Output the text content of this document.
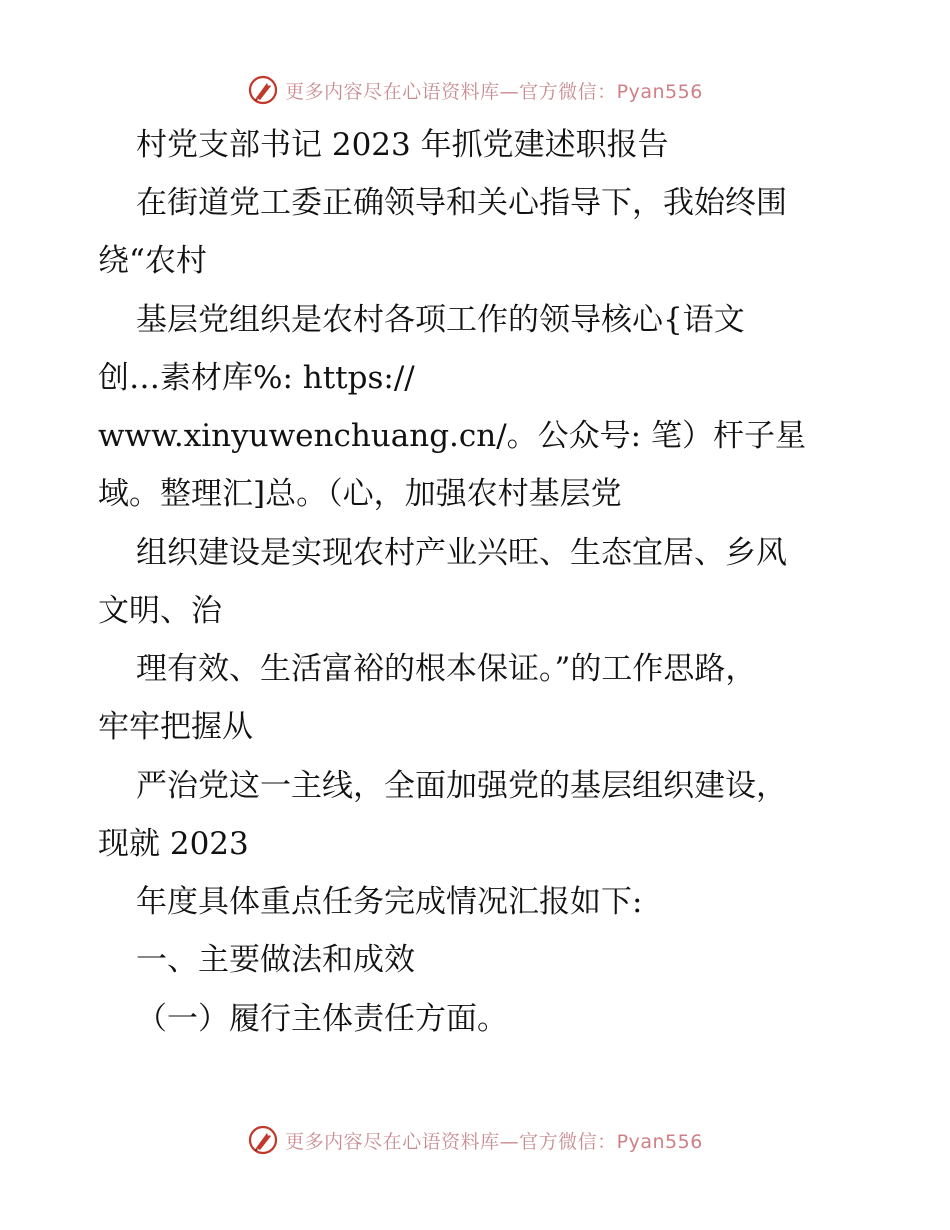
更多内容尽在心语资料库—官方微信：Pyan556

村党支部书记 2023 年抓党建述职报告

在街道党工委正确领导和关心指导下，我始终围

绕“农村

基层党组织是农村各项工作的领导核心{语文

创…素材库%: https://

www.xinyuwenchuang.cn/。公众号: 笔）杆子星

域。整理汇]总。（心，加强农村基层党

组织建设是实现农村产业兴旺、生态宜居、乡风

文明、治

理有效、生活富裕的根本保证。”的工作思路，

牢牢把握从

严治党这一主线，全面加强党的基层组织建设，

现就 2023

年度具体重点任务完成情况汇报如下:

一、主要做法和成效

（一）履行主体责任方面。

更多内容尽在心语资料库—官方微信：Pyan556
